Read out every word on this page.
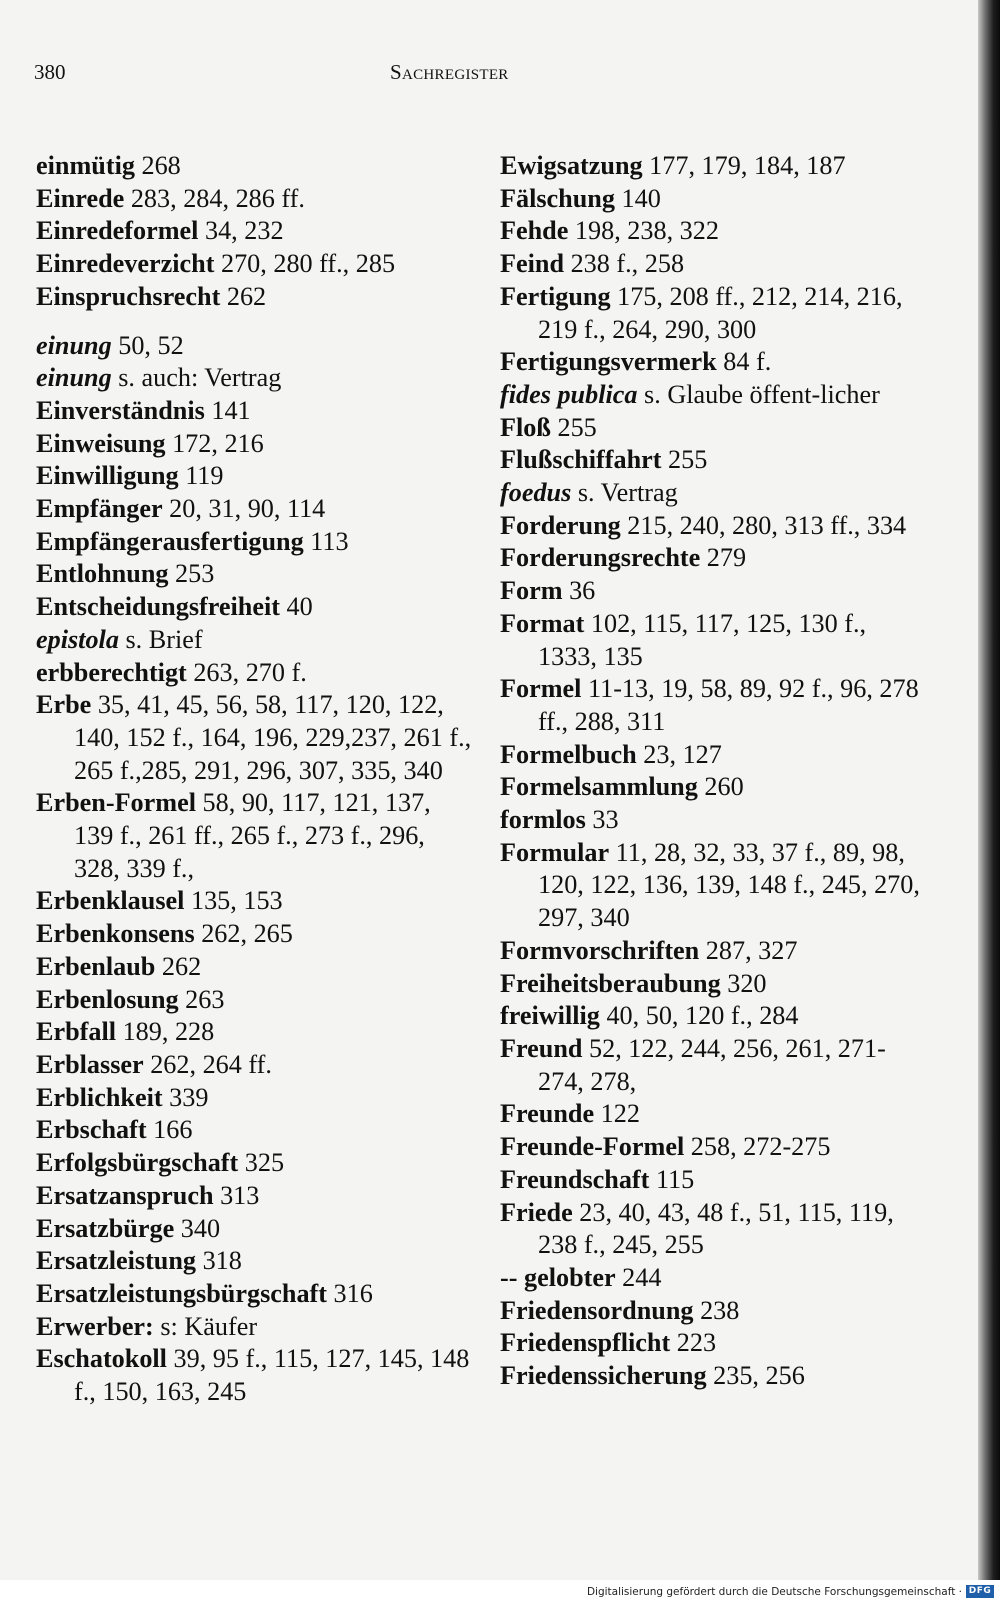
380	Sachregister
einmütig 268
Einrede 283, 284, 286 ff.
Einredeformel 34, 232
Einredeverzicht 270, 280 ff., 285
Einspruchsrecht 262
einung 50, 52
einung s. auch: Vertrag
Einverständnis 141
Einweisung 172, 216
Einwilligung 119
Empfänger 20, 31, 90, 114
Empfängerausfertigung 113
Entlohnung 253
Entscheidungsfreiheit 40
epistola s. Brief
erbberechtigt 263, 270 f.
Erbe 35, 41, 45, 56, 58, 117, 120, 122, 140, 152 f., 164, 196, 229,237, 261 f., 265 f.,285, 291, 296, 307, 335, 340
Erben-Formel 58, 90, 117, 121, 137, 139 f., 261 ff., 265 f., 273 f., 296, 328, 339 f.,
Erbenklausel 135, 153
Erbenkonsens 262, 265
Erbenlaub 262
Erbenlosung 263
Erbfall 189, 228
Erblasser 262, 264 ff.
Erblichkeit 339
Erbschaft 166
Erfolgsbürgschaft 325
Ersatzanspruch 313
Ersatzbürge 340
Ersatzleistung 318
Ersatzleistungsbürgschaft 316
Erwerber: s: Käufer
Eschatokoll 39, 95 f., 115, 127, 145, 148 f., 150, 163, 245
Ewigsatzung 177, 179, 184, 187
Fälschung 140
Fehde 198, 238, 322
Feind 238 f., 258
Fertigung 175, 208 ff., 212, 214, 216, 219 f., 264, 290, 300
Fertigungsvermerk 84 f.
fides publica s. Glaube öffent-licher
Floß 255
Flußschiffahrt 255
foedus s. Vertrag
Forderung 215, 240, 280, 313 ff., 334
Forderungsrechte 279
Form 36
Format 102, 115, 117, 125, 130 f., 1333, 135
Formel 11-13, 19, 58, 89, 92 f., 96, 278 ff., 288, 311
Formelbuch 23, 127
Formelsammlung 260
formlos 33
Formular 11, 28, 32, 33, 37 f., 89, 98, 120, 122, 136, 139, 148 f., 245, 270, 297, 340
Formvorschriften 287, 327
Freiheitsberaubung 320
freiwillig 40, 50, 120 f., 284
Freund 52, 122, 244, 256, 261, 271-274, 278,
Freunde 122
Freunde-Formel 258, 272-275
Freundschaft 115
Friede 23, 40, 43, 48 f., 51, 115, 119, 238 f., 245, 255
-- gelobter 244
Friedensordnung 238
Friedenspflicht 223
Friedenssicherung 235, 256
Digitalisierung gefördert durch die Deutsche Forschungsgemeinschaft · DFG
